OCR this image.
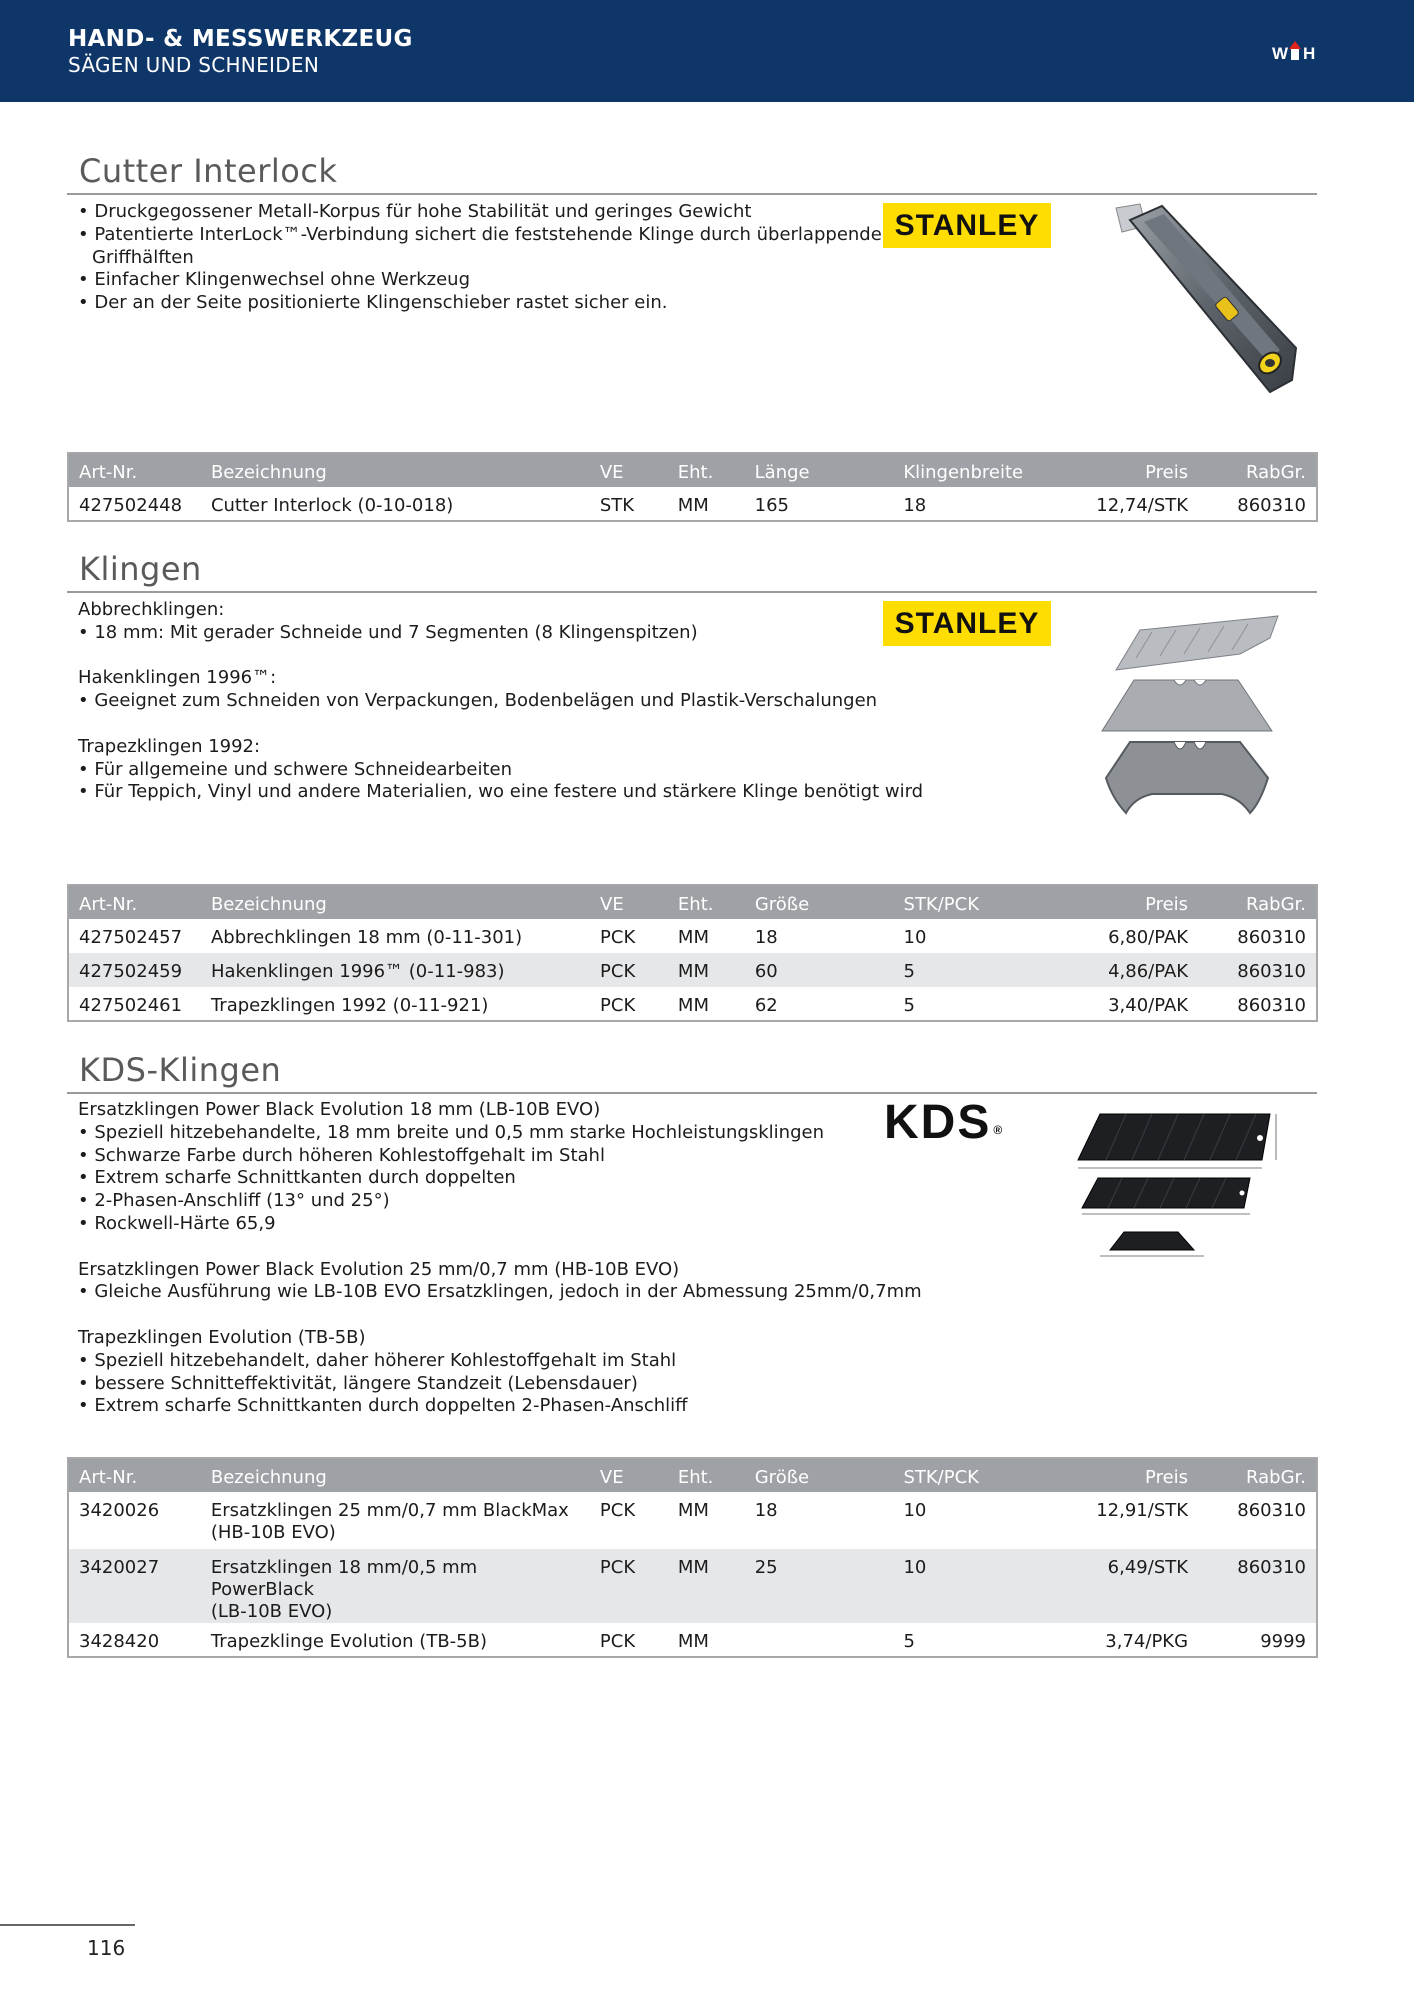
HAND- & MESSWERKZEUG
SÄGEN UND SCHNEIDEN	W H
Cutter Interlock
• Druckgegossener Metall-Korpus für hohe Stabilität und geringes Gewicht
• Patentierte InterLock™-Verbindung sichert die feststehende Klinge durch überlappende
Griffhälften
• Einfacher Klingenwechsel ohne Werkzeug
• Der an der Seite positionierte Klingenschieber rastet sicher ein.
STANLEY
Art-Nr.	Bezeichnung	VE	Eht.	Länge	Klingenbreite	Preis	RabGr.
427502448	Cutter Interlock (0-10-018)	STK	MM	165	18	12,74/STK	860310
Klingen
Abbrechklingen:
• 18 mm: Mit gerader Schneide und 7 Segmenten (8 Klingenspitzen)
Hakenklingen 1996™:
• Geeignet zum Schneiden von Verpackungen, Bodenbelägen und Plastik-Verschalungen
Trapezklingen 1992:
• Für allgemeine und schwere Schneidearbeiten
• Für Teppich, Vinyl und andere Materialien, wo eine festere und stärkere Klinge benötigt wird
STANLEY
Art-Nr.	Bezeichnung	VE	Eht.	Größe	STK/PCK	Preis	RabGr.
427502457	Abbrechklingen 18 mm (0-11-301)	PCK	MM	18	10	6,80/PAK	860310
427502459	Hakenklingen 1996™ (0-11-983)	PCK	MM	60	5	4,86/PAK	860310
427502461	Trapezklingen 1992 (0-11-921)	PCK	MM	62	5	3,40/PAK	860310
KDS-Klingen
Ersatzklingen Power Black Evolution 18 mm (LB-10B EVO)
• Speziell hitzebehandelte, 18 mm breite und 0,5 mm starke Hochleistungsklingen
• Schwarze Farbe durch höheren Kohlestoffgehalt im Stahl
• Extrem scharfe Schnittkanten durch doppelten
• 2-Phasen-Anschliff (13° und 25°)
• Rockwell-Härte 65,9
Ersatzklingen Power Black Evolution 25 mm/0,7 mm (HB-10B EVO)
• Gleiche Ausführung wie LB-10B EVO Ersatzklingen, jedoch in der Abmessung 25mm/0,7mm
Trapezklingen Evolution (TB-5B)
• Speziell hitzebehandelt, daher höherer Kohlestoffgehalt im Stahl
• bessere Schnitteffektivität, längere Standzeit (Lebensdauer)
• Extrem scharfe Schnittkanten durch doppelten 2-Phasen-Anschliff
KDS ®
Art-Nr.	Bezeichnung	VE	Eht.	Größe	STK/PCK	Preis	RabGr.
3420026	Ersatzklingen 25 mm/0,7 mm BlackMax
(HB-10B EVO)	PCK	MM	18	10	12,91/STK	860310
3420027	Ersatzklingen 18 mm/0,5 mm PowerBlack
(LB-10B EVO)	PCK	MM	25	10	6,49/STK	860310
3428420	Trapezklinge Evolution (TB-5B)	PCK	MM		5	3,74/PKG	9999
116
